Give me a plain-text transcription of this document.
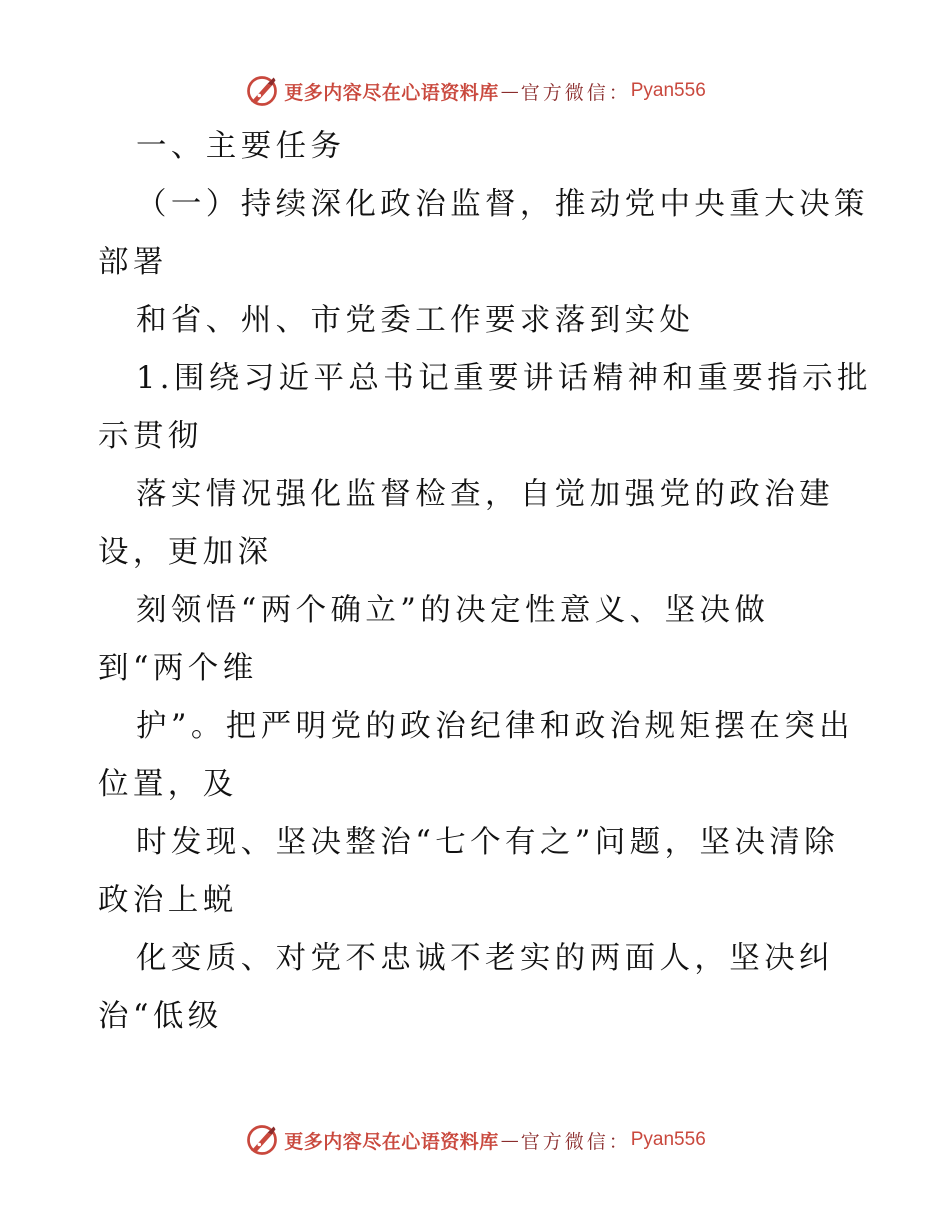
更多内容尽在心语资料库 — 官方微信： Pyan556
一、主要任务
（一）持续深化政治监督，推动党中央重大决策
部署
和省、州、市党委工作要求落到实处
1.围绕习近平总书记重要讲话精神和重要指示批
示贯彻
落实情况强化监督检查，自觉加强党的政治建
设，更加深
刻领悟“两个确立”的决定性意义、坚决做
到“两个维
护”。把严明党的政治纪律和政治规矩摆在突出
位置，及
时发现、坚决整治“七个有之”问题，坚决清除
政治上蜕
化变质、对党不忠诚不老实的两面人，坚决纠
治“低级
更多内容尽在心语资料库 — 官方微信： Pyan556
